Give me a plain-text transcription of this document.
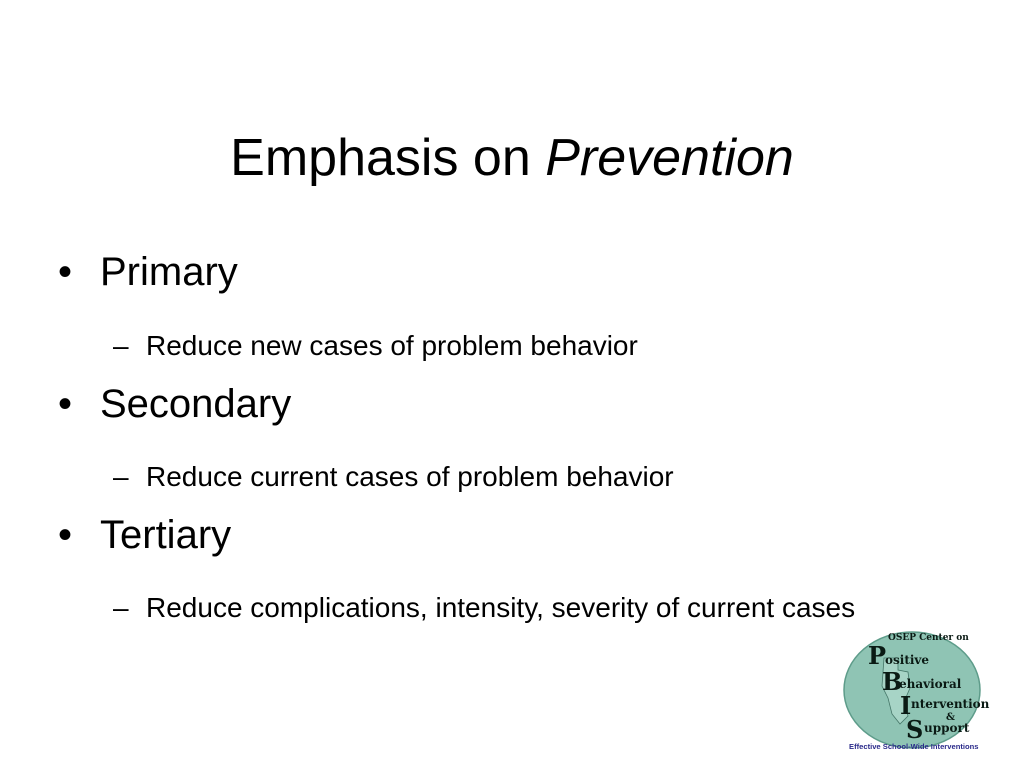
Emphasis on Prevention
• Primary
– Reduce new cases of problem behavior
• Secondary
– Reduce current cases of problem behavior
• Tertiary
– Reduce complications, intensity, severity of current cases
OSEP Center on
P
ositive
B
ehavioral
I ntervention
&
S upport
Effective School-Wide Interventions
